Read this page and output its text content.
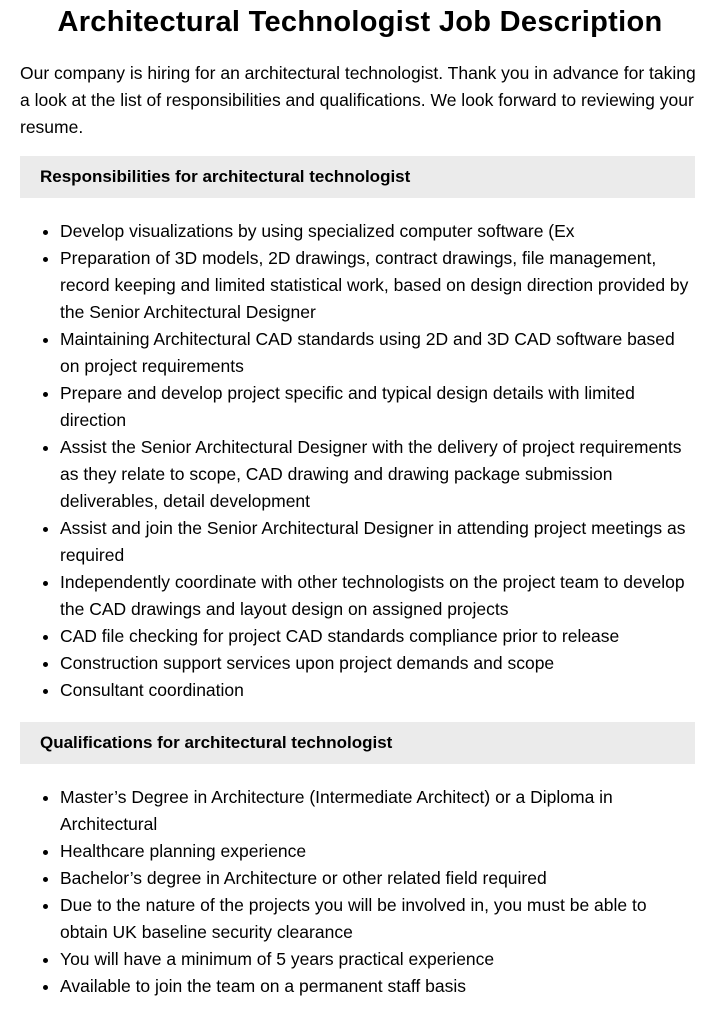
Architectural Technologist Job Description

Our company is hiring for an architectural technologist. Thank you in advance for taking a look at the list of responsibilities and qualifications. We look forward to reviewing your resume.

Responsibilities for architectural technologist
• Develop visualizations by using specialized computer software (Ex
• Preparation of 3D models, 2D drawings, contract drawings, file management, record keeping and limited statistical work, based on design direction provided by the Senior Architectural Designer
• Maintaining Architectural CAD standards using 2D and 3D CAD software based on project requirements
• Prepare and develop project specific and typical design details with limited direction
• Assist the Senior Architectural Designer with the delivery of project requirements as they relate to scope, CAD drawing and drawing package submission deliverables, detail development
• Assist and join the Senior Architectural Designer in attending project meetings as required
• Independently coordinate with other technologists on the project team to develop the CAD drawings and layout design on assigned projects
• CAD file checking for project CAD standards compliance prior to release
• Construction support services upon project demands and scope
• Consultant coordination
Qualifications for architectural technologist
• Master’s Degree in Architecture (Intermediate Architect) or a Diploma in Architectural
• Healthcare planning experience
• Bachelor’s degree in Architecture or other related field required
• Due to the nature of the projects you will be involved in, you must be able to obtain UK baseline security clearance
• You will have a minimum of 5 years practical experience
• Available to join the team on a permanent staff basis
